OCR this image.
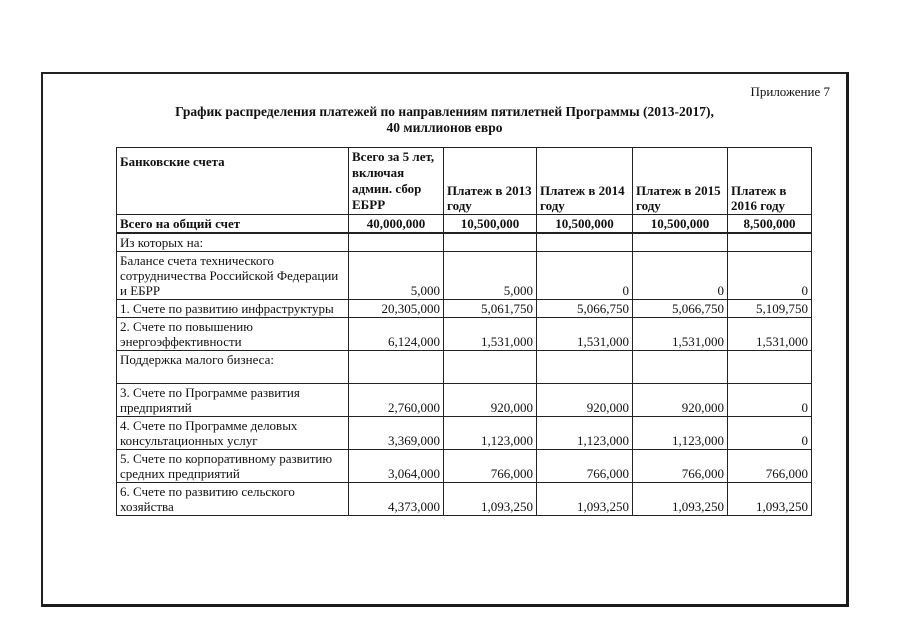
Приложение 7
График распределения платежей по направлениям пятилетней Программы (2013-2017),
40 миллионов евро
Банковские счета	Всего за 5 лет, включая админ. сбор ЕБРР	Платеж в 2013 году	Платеж в 2014 году	Платеж в 2015 году	Платеж в 2016 году
Всего на общий счет	40,000,000	10,500,000	10,500,000	10,500,000	8,500,000
Из которых на:					
Балансе счета технического сотрудничества Российской Федерации и ЕБРР	5,000	5,000	0	0	0
1. Счете по развитию инфраструктуры	20,305,000	5,061,750	5,066,750	5,066,750	5,109,750
2. Счете по повышению энергоэффективности	6,124,000	1,531,000	1,531,000	1,531,000	1,531,000
Поддержка малого бизнеса:					
3. Счете по Программе развития предприятий	2,760,000	920,000	920,000	920,000	0
4. Счете по Программе деловых консультационных услуг	3,369,000	1,123,000	1,123,000	1,123,000	0
5. Счете по корпоративному развитию средних предприятий	3,064,000	766,000	766,000	766,000	766,000
6. Счете по развитию сельского хозяйства	4,373,000	1,093,250	1,093,250	1,093,250	1,093,250
